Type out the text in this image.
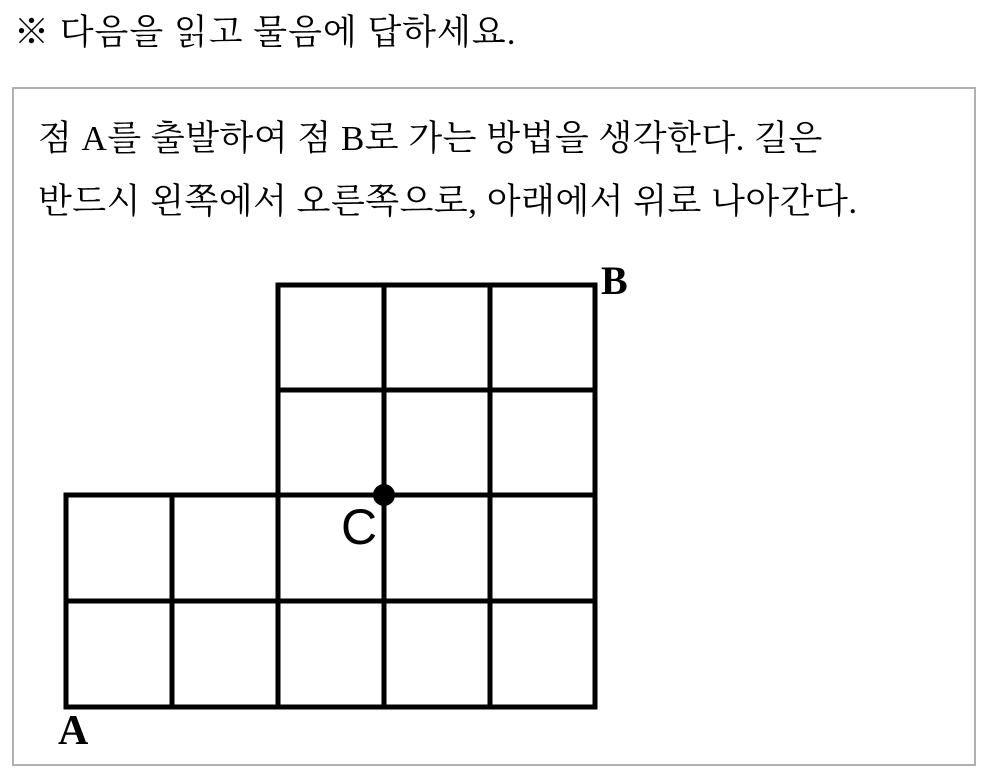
※ 다음을 읽고 물음에 답하세요.
점 A를 출발하여 점 B로 가는 방법을 생각한다. 길은
반드시 왼쪽에서 오른쪽으로, 아래에서 위로 나아간다.
A
B
C
